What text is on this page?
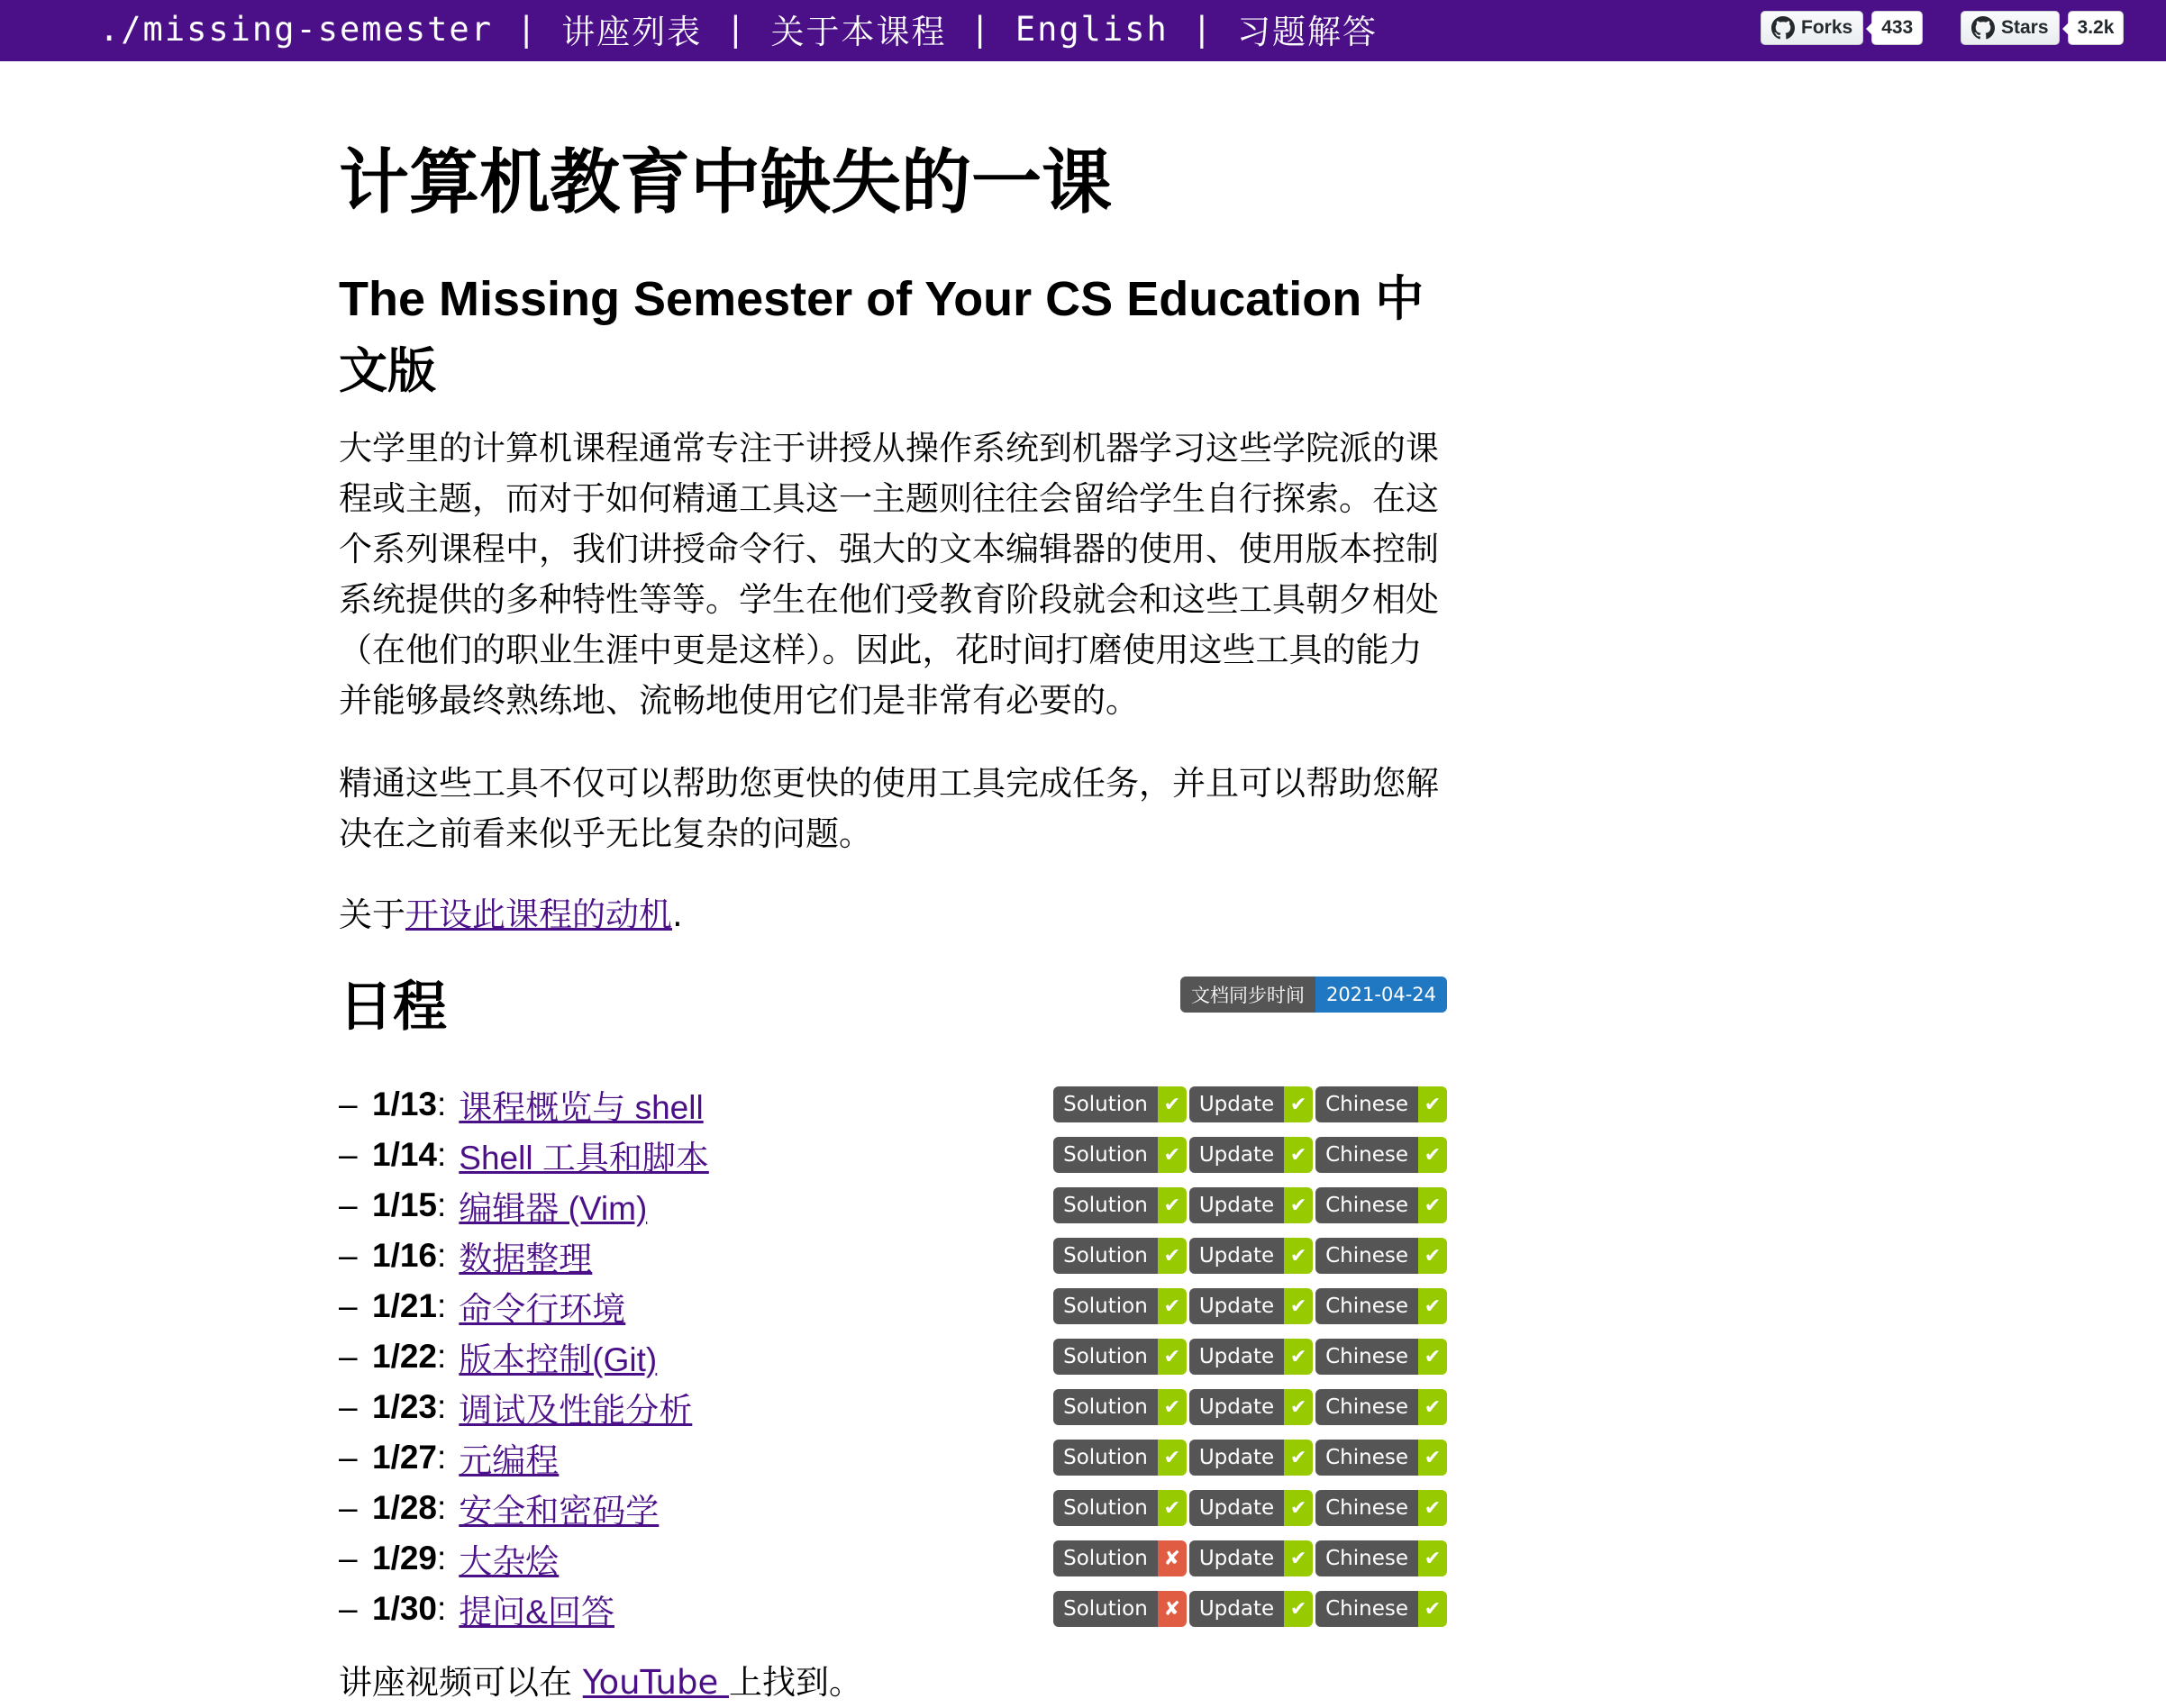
./missing-semester | 讲座列表 | 关于本课程 | English | 习题解答	Forks	433	Stars	3.2k
计算机教育中缺失的一课
The Missing Semester of Your CS Education 中文版

大学里的计算机课程通常专注于讲授从操作系统到机器学习这些学院派的课程或主题，而对于如何精通工具这一主题则往往会留给学生自行探索。在这个系列课程中，我们讲授命令行、强大的文本编辑器的使用、使用版本控制系统提供的多种特性等等。学生在他们受教育阶段就会和这些工具朝夕相处（在他们的职业生涯中更是这样）。因此，花时间打磨使用这些工具的能力并能够最终熟练地、流畅地使用它们是非常有必要的。

精通这些工具不仅可以帮助您更快的使用工具完成任务，并且可以帮助您解决在之前看来似乎无比复杂的问题。

关于开设此课程的动机.

日程	文档同步时间	2021-04-24
– 1/13 : 课程概览与 shell	Solution ✔ Update ✔ Chinese ✔
– 1/14 : Shell 工具和脚本	Solution ✔ Update ✔ Chinese ✔
– 1/15 : 编辑器 (Vim)	Solution ✔ Update ✔ Chinese ✔
– 1/16 : 数据整理	Solution ✔ Update ✔ Chinese ✔
– 1/21 : 命令行环境	Solution ✔ Update ✔ Chinese ✔
– 1/22 : 版本控制(Git)	Solution ✔ Update ✔ Chinese ✔
– 1/23 : 调试及性能分析	Solution ✔ Update ✔ Chinese ✔
– 1/27 : 元编程	Solution ✔ Update ✔ Chinese ✔
– 1/28 : 安全和密码学	Solution ✔ Update ✔ Chinese ✔
– 1/29 : 大杂烩	Solution ✘ Update ✔ Chinese ✔
– 1/30 : 提问&回答	Solution ✘ Update ✔ Chinese ✔

讲座视频可以在 YouTube 上找到。
